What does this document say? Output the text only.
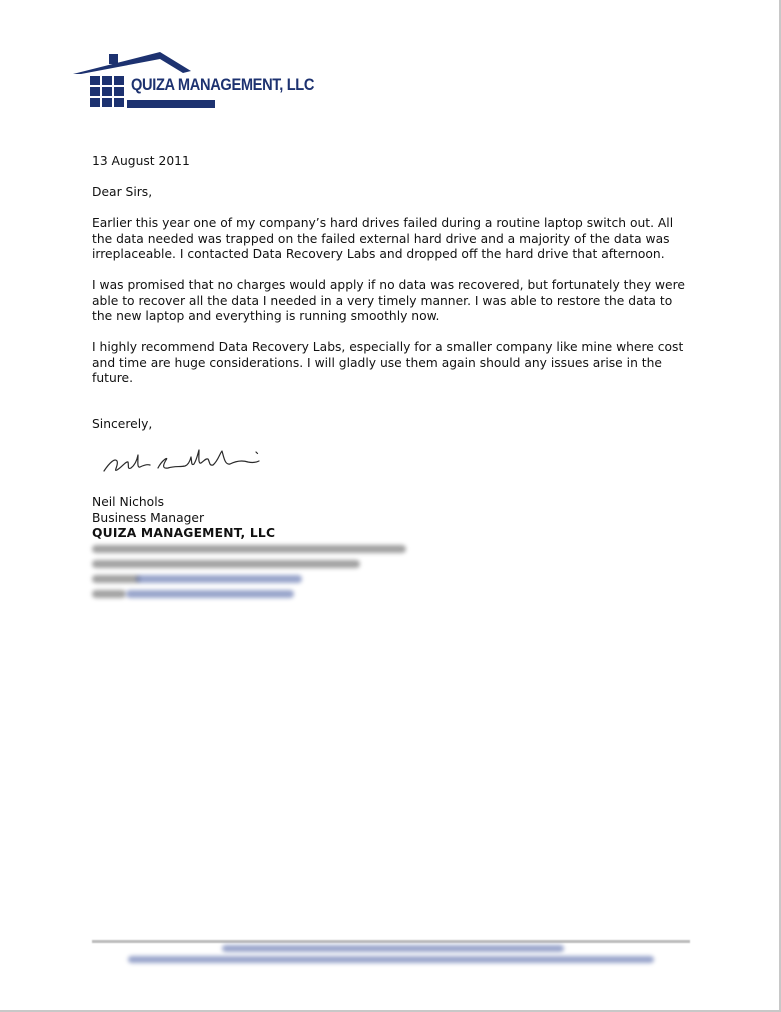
QUIZA MANAGEMENT, LLC

13 August 2011

Dear Sirs,

Earlier this year one of my company’s hard drives failed during a routine laptop switch out. All the data needed was trapped on the failed external hard drive and a majority of the data was irreplaceable. I contacted Data Recovery Labs and dropped off the hard drive that afternoon.

I was promised that no charges would apply if no data was recovered, but fortunately they were able to recover all the data I needed in a very timely manner. I was able to restore the data to the new laptop and everything is running smoothly now.

I highly recommend Data Recovery Labs, especially for a smaller company like mine where cost and time are huge considerations. I will gladly use them again should any issues arise in the future.

Sincerely,

Neil Nichols
Business Manager
QUIZA MANAGEMENT, LLC
